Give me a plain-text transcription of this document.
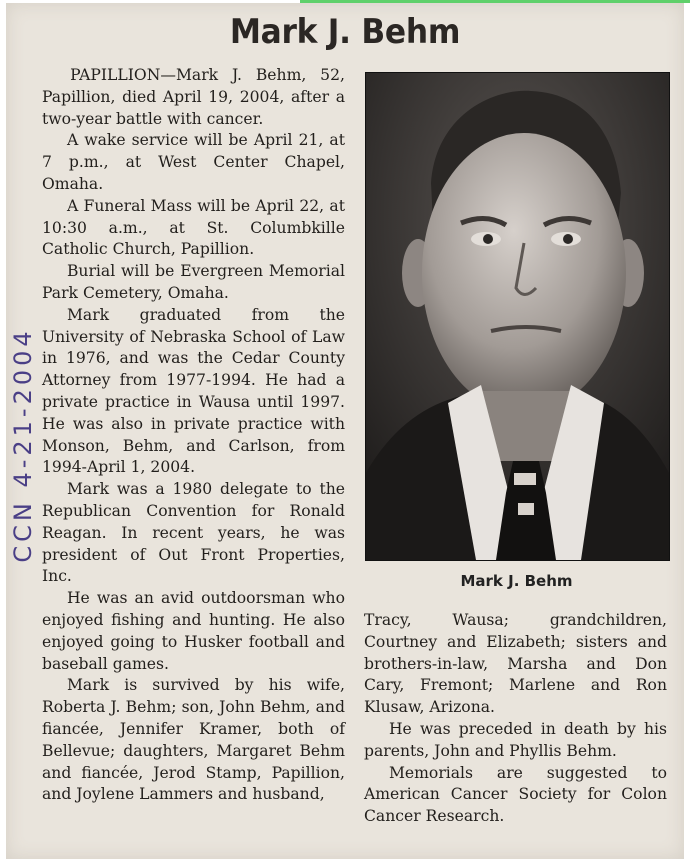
Mark J. Behm

PAPILLION—Mark J. Behm, 52, Papillion, died April 19, 2004, after a two-year battle with cancer.

A wake service will be April 21, at 7 p.m., at West Center Chapel, Omaha.

A Funeral Mass will be April 22, at 10:30 a.m., at St. Columbkille Catholic Church, Papillion.

Burial will be Evergreen Memorial Park Cemetery, Omaha.

Mark graduated from the University of Nebraska School of Law in 1976, and was the Cedar County Attorney from 1977-1994. He had a private practice in Wausa until 1997. He was also in private practice with Monson, Behm, and Carlson, from 1994-April 1, 2004.

Mark was a 1980 delegate to the Republican Convention for Ronald Reagan. In recent years, he was president of Out Front Properties, Inc.

He was an avid outdoorsman who enjoyed fishing and hunting. He also enjoyed going to Husker football and baseball games.

Mark is survived by his wife, Roberta J. Behm; son, John Behm, and fiancée, Jennifer Kramer, both of Bellevue; daughters, Margaret Behm and fiancée, Jerod Stamp, Papillion, and Joylene Lammers and husband,

Mark J. Behm

Tracy, Wausa; grandchildren, Courtney and Elizabeth; sisters and brothers-in-law, Marsha and Don Cary, Fremont; Marlene and Ron Klusaw, Arizona.

He was preceded in death by his parents, John and Phyllis Behm.

Memorials are suggested to American Cancer Society for Colon Cancer Research.

CCN 4-21-2004
